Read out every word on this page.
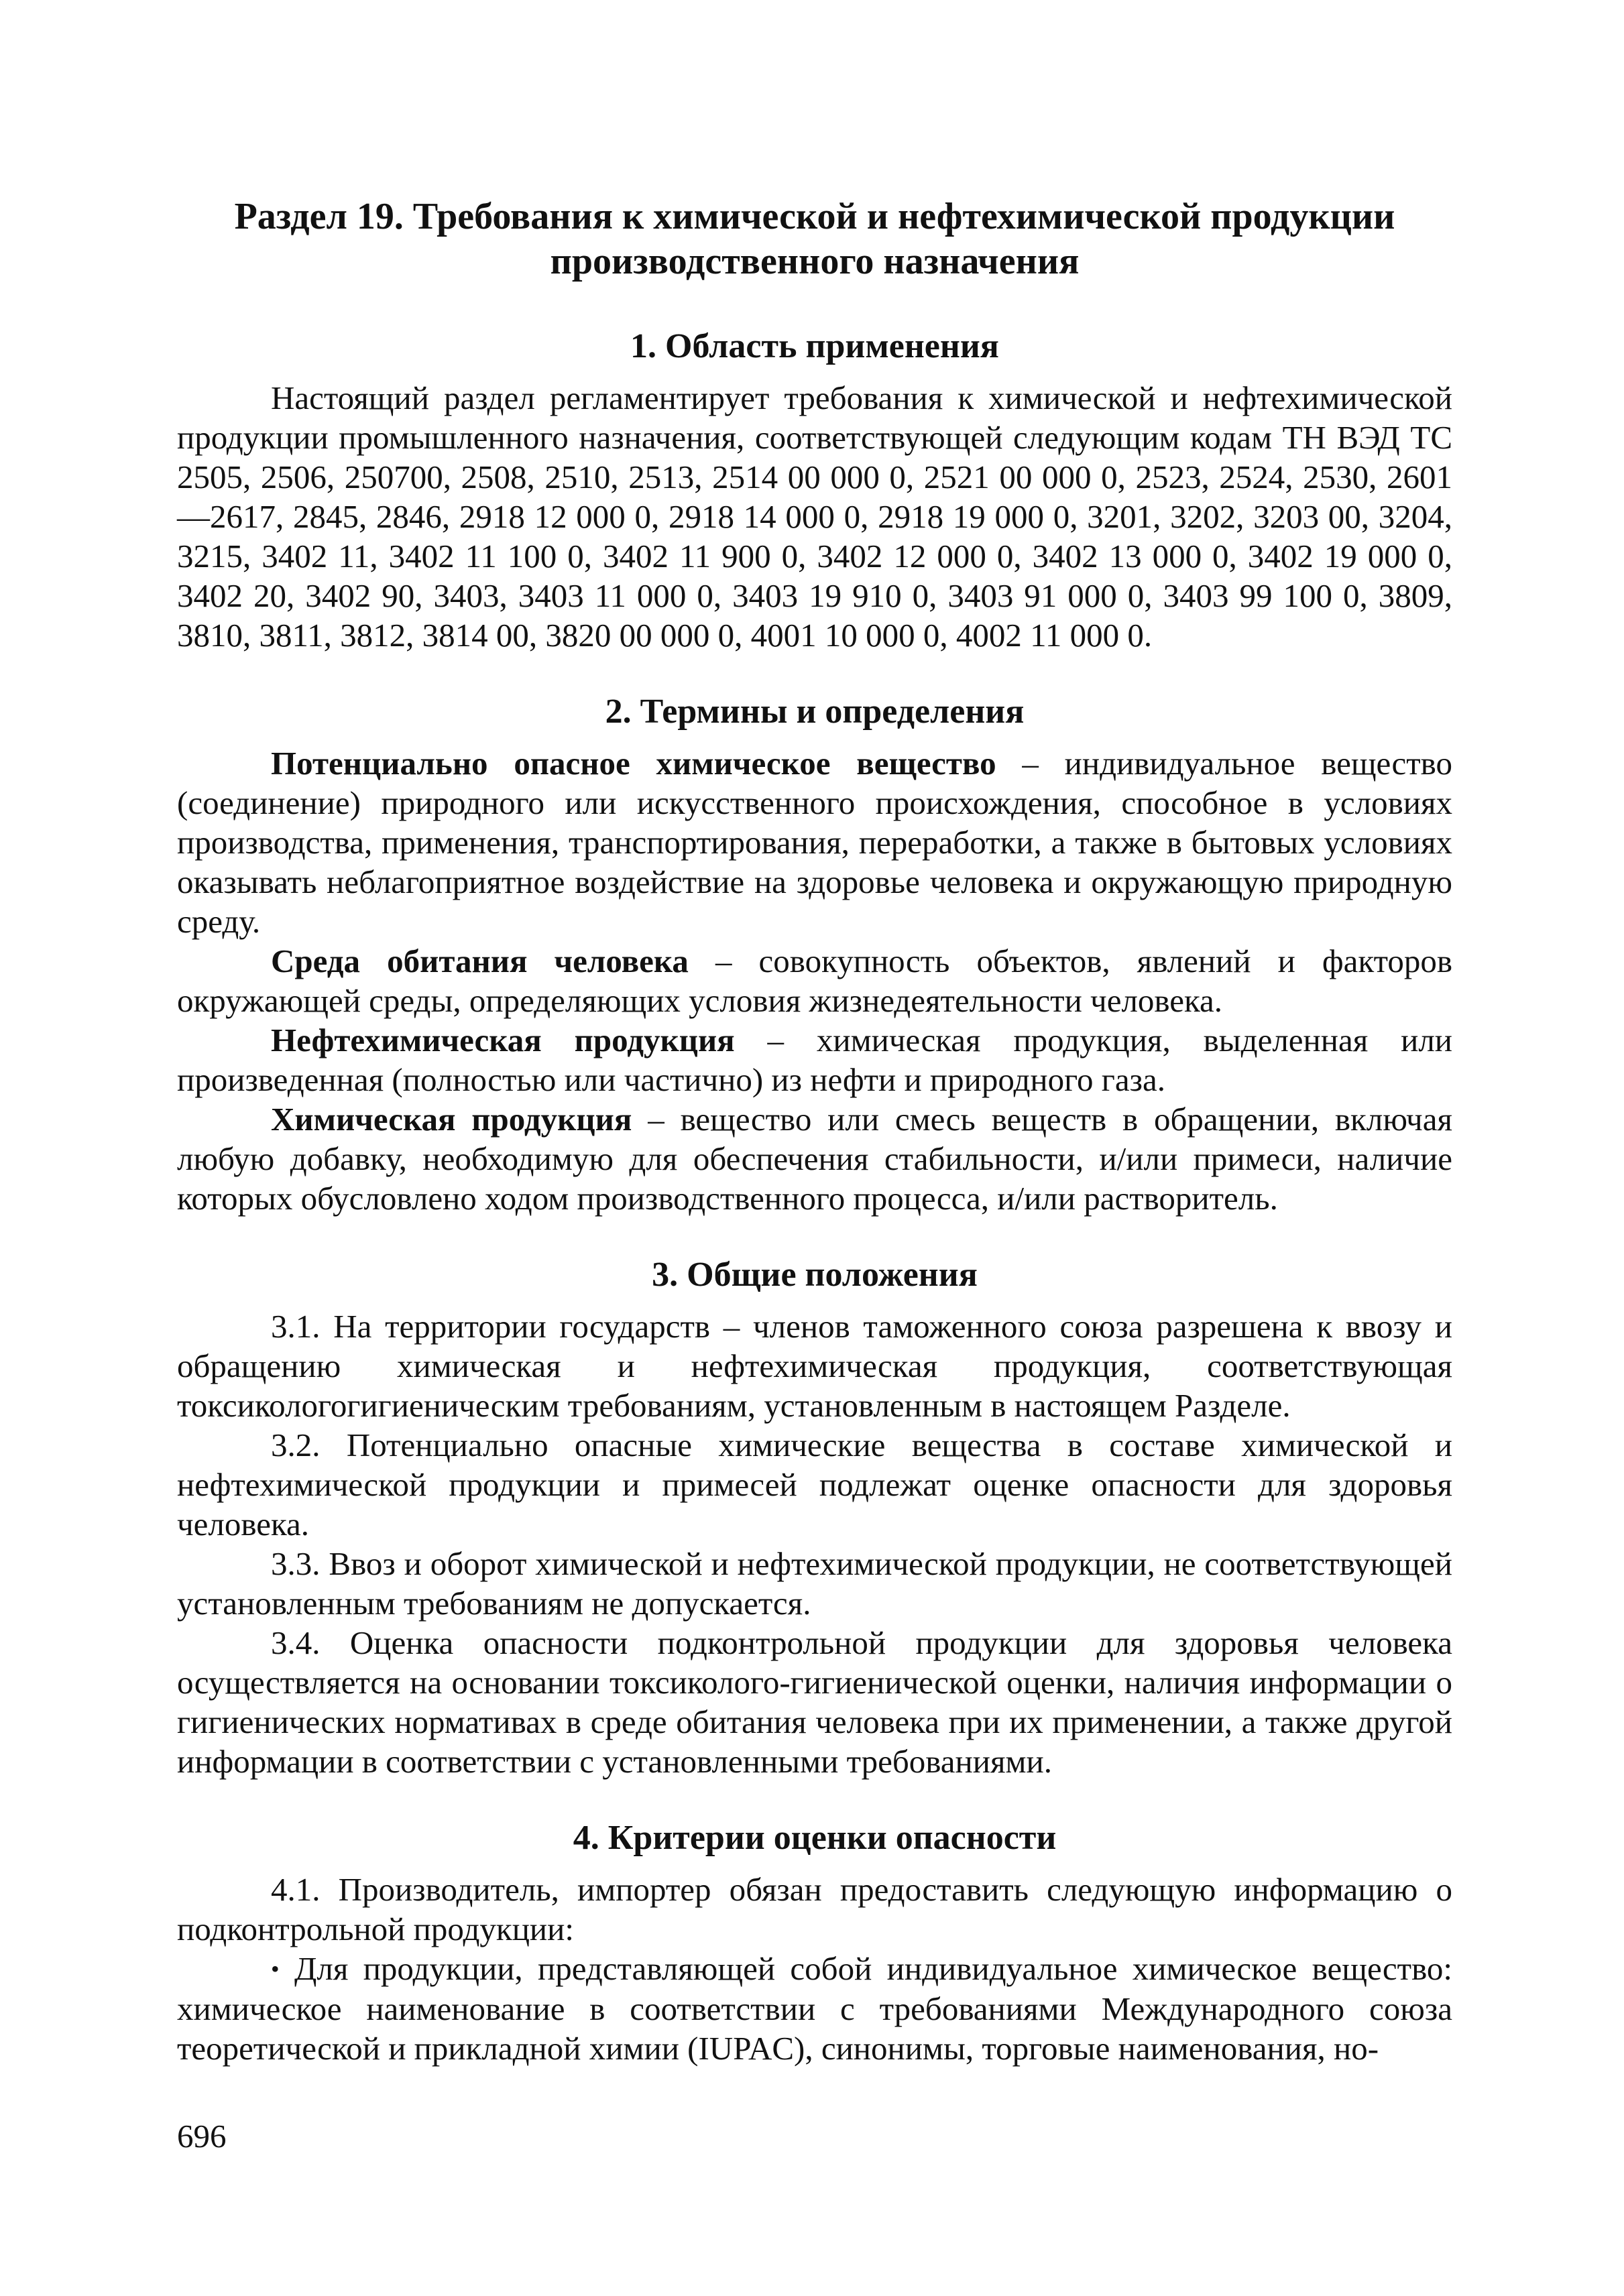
Раздел 19. Требования к химической и нефтехимической продукции
производственного назначения
1. Область применения

Настоящий раздел регламентирует требования к химической и нефтехимической продукции промышленного назначения, соответствующей следующим кодам ТН ВЭД ТС 2505, 2506, 250700, 2508, 2510, 2513, 2514 00 000 0, 2521 00 000 0, 2523, 2524, 2530, 2601—2617, 2845, 2846, 2918 12 000 0, 2918 14 000 0, 2918 19 000 0, 3201, 3202, 3203 00, 3204, 3215, 3402 11, 3402 11 100 0, 3402 11 900 0, 3402 12 000 0, 3402 13 000 0, 3402 19 000 0, 3402 20, 3402 90, 3403, 3403 11 000 0, 3403 19 910 0, 3403 91 000 0, 3403 99 100 0, 3809, 3810, 3811, 3812, 3814 00, 3820 00 000 0, 4001 10 000 0, 4002 11 000 0.

2. Термины и определения

Потенциально опасное химическое вещество – индивидуальное вещество (соединение) природного или искусственного происхождения, способное в условиях производства, применения, транспортирования, переработки, а также в бытовых условиях оказывать неблагоприятное воздействие на здоровье человека и окружающую природную среду.

Среда обитания человека – совокупность объектов, явлений и факторов окружающей среды, определяющих условия жизнедеятельности человека.

Нефтехимическая продукция – химическая продукция, выделенная или произведенная (полностью или частично) из нефти и природного газа.

Химическая продукция – вещество или смесь веществ в обращении, включая любую добавку, необходимую для обеспечения стабильности, и/или примеси, наличие которых обусловлено ходом производственного процесса, и/или растворитель.

3. Общие положения

3.1. На территории государств – членов таможенного союза разрешена к ввозу и обращению химическая и нефтехимическая продукция, соответствующая токсикологогигиеническим требованиям, установленным в настоящем Разделе.

3.2. Потенциально опасные химические вещества в составе химической и нефтехимической продукции и примесей подлежат оценке опасности для здоровья человека.

3.3. Ввоз и оборот химической и нефтехимической продукции, не соответствующей установленным требованиям не допускается.

3.4. Оценка опасности подконтрольной продукции для здоровья человека осуществляется на основании токсиколого-гигиенической оценки, наличия информации о гигиенических нормативах в среде обитания человека при их применении, а также другой информации в соответствии с установленными требованиями.

4. Критерии оценки опасности

4.1. Производитель, импортер обязан предоставить следующую информацию о подконтрольной продукции:

• Для продукции, представляющей собой индивидуальное химическое вещество: химическое наименование в соответствии с требованиями Международного союза теоретической и прикладной химии (IUPAC), синонимы, торговые наименования, но-

696
